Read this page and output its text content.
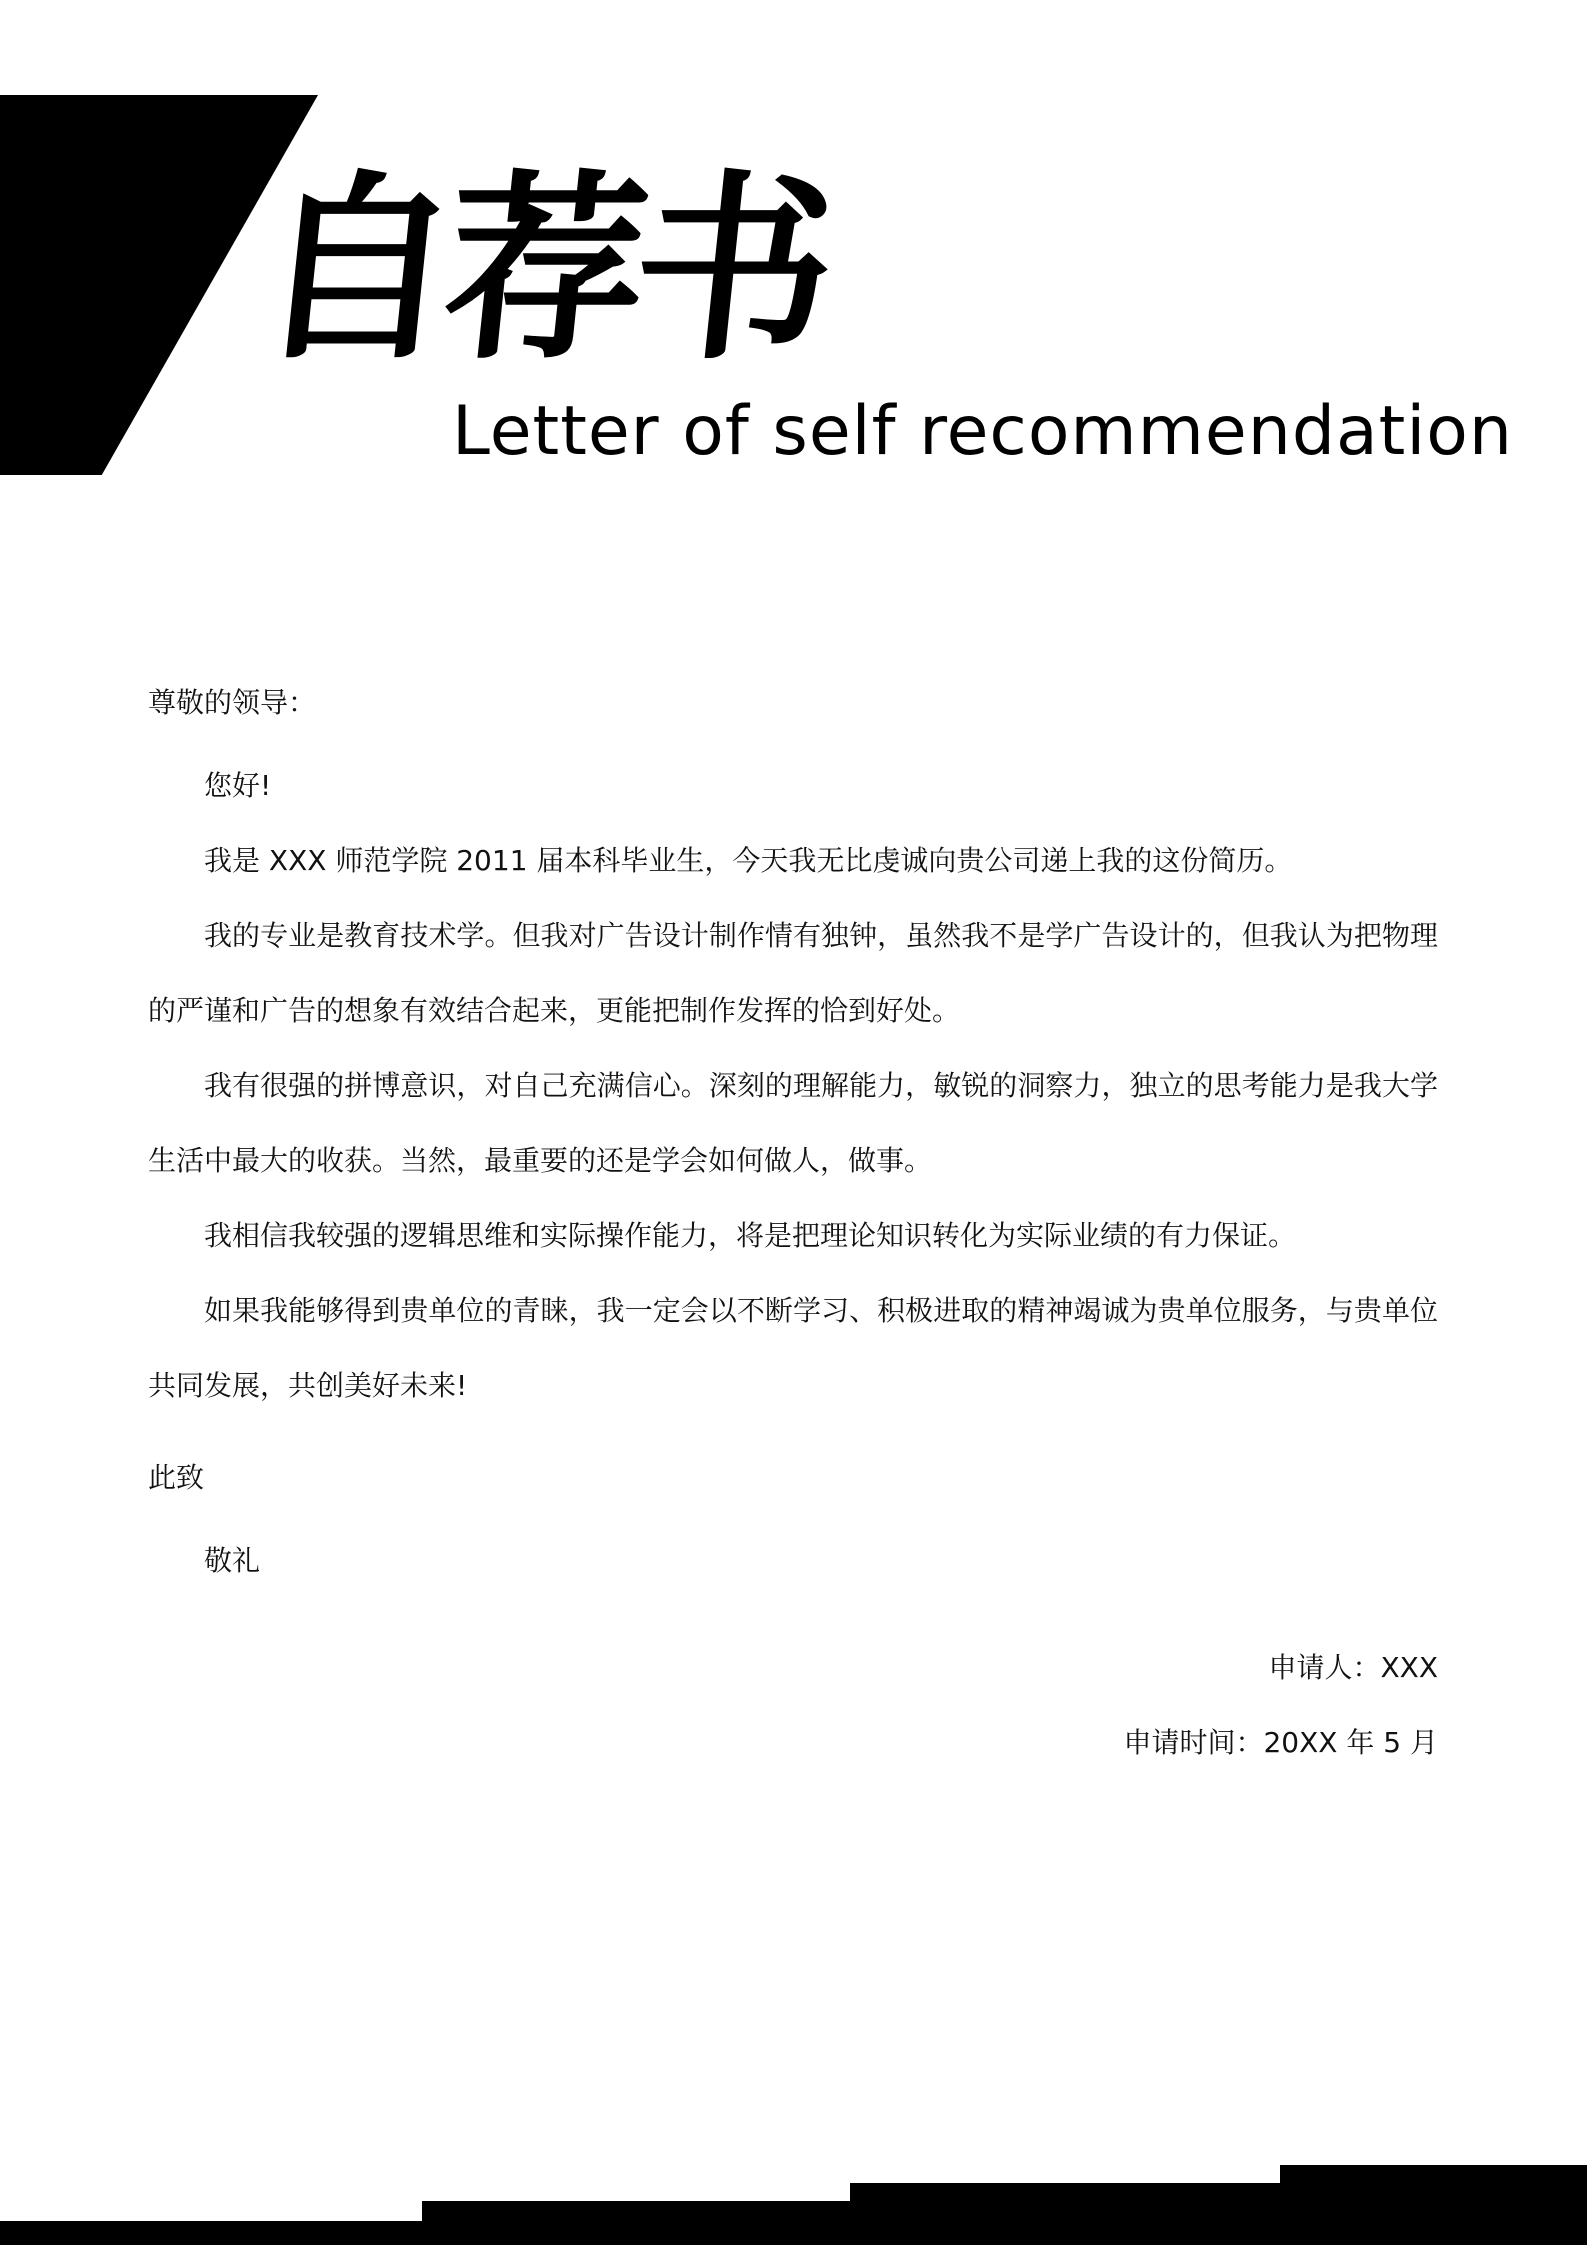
自荐书
Letter of self recommendation
尊敬的领导：
您好!
我是 XXX 师范学院 2011 届本科毕业生，今天我无比虔诚向贵公司递上我的这份简历。
我的专业是教育技术学。但我对广告设计制作情有独钟，虽然我不是学广告设计的，但我认为把物理的严谨和广告的想象有效结合起来，更能把制作发挥的恰到好处。
我有很强的拼博意识，对自己充满信心。深刻的理解能力，敏锐的洞察力，独立的思考能力是我大学生活中最大的收获。当然，最重要的还是学会如何做人，做事。
我相信我较强的逻辑思维和实际操作能力，将是把理论知识转化为实际业绩的有力保证。
如果我能够得到贵单位的青睐，我一定会以不断学习、积极进取的精神竭诚为贵单位服务，与贵单位共同发展，共创美好未来!
此致
敬礼
申请人：XXX
申请时间：20XX 年 5 月
